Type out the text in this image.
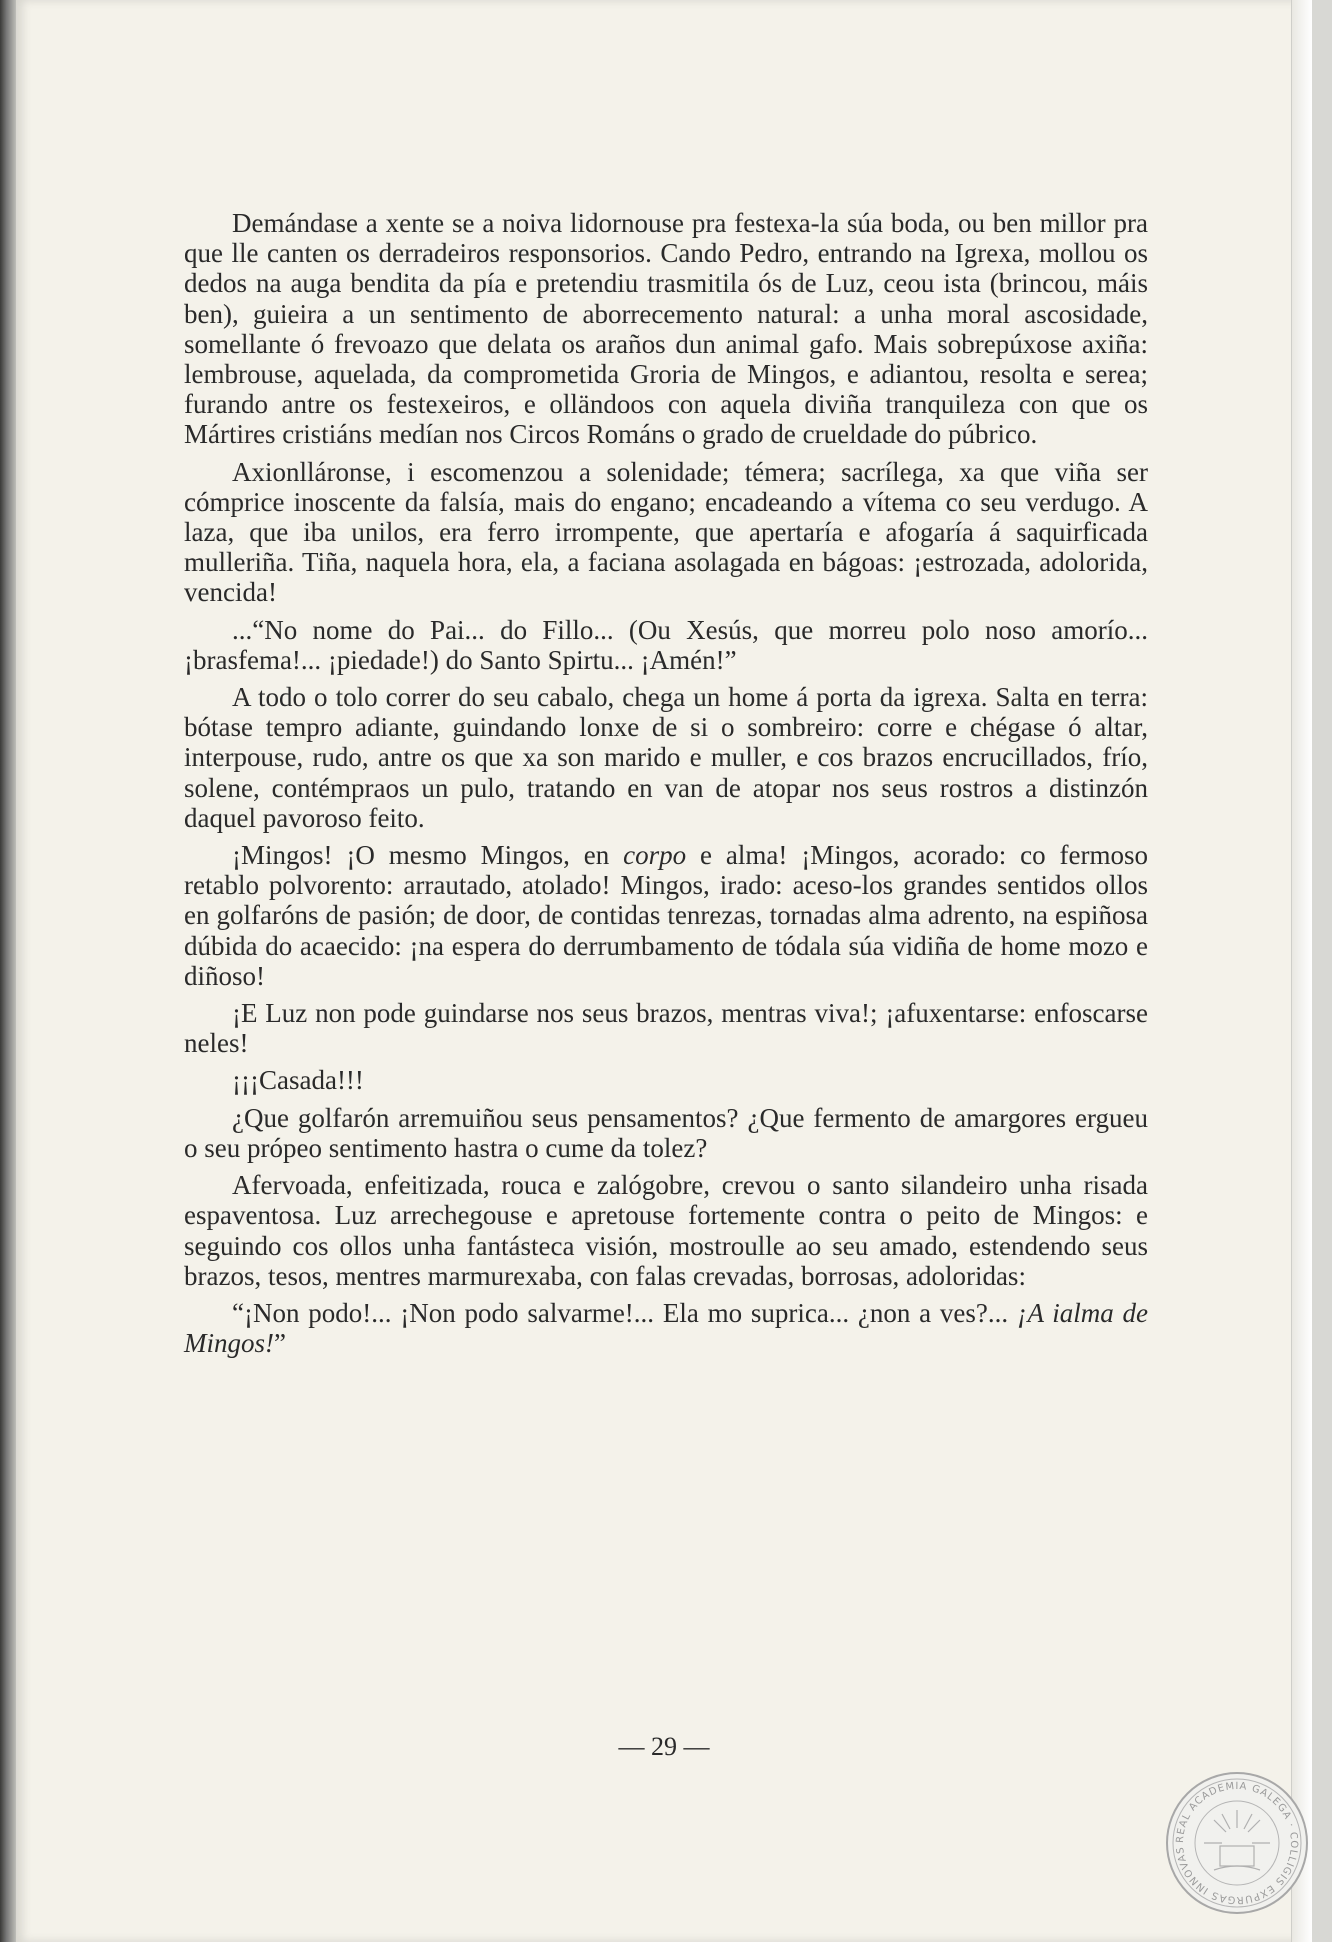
Demándase a xente se a noiva lidornouse pra festexa-la súa boda, ou ben millor pra que lle canten os derradeiros responsorios. Cando Pedro, entrando na Igrexa, mollou os dedos na auga bendita da pía e pretendiu trasmitila ós de Luz, ceou ista (brincou, máis ben), guieira a un sentimento de aborrecemento natural: a unha moral ascosidade, somellante ó frevoazo que delata os araños dun animal gafo. Mais sobrepúxose axiña: lembrouse, aquelada, da comprometida Groria de Mingos, e adiantou, resolta e serea; furando antre os festexeiros, e olländoos con aquela diviña tranquileza con que os Mártires cristiáns medían nos Circos Románs o grado de crueldade do púbrico.

Axionlláronse, i escomenzou a solenidade; témera; sacrílega, xa que viña ser cómprice inoscente da falsía, mais do engano; encadeando a vítema co seu verdugo. A laza, que iba unilos, era ferro irrompente, que apertaría e afogaría á saquirficada mulleriña. Tiña, naquela hora, ela, a faciana asolagada en bágoas: ¡estrozada, adolorida, vencida!

...“No nome do Pai... do Fillo... (Ou Xesús, que morreu polo noso amorío... ¡brasfema!... ¡piedade!) do Santo Spirtu... ¡Amén!”

A todo o tolo correr do seu cabalo, chega un home á porta da igrexa. Salta en terra: bótase tempro adiante, guindando lonxe de si o sombreiro: corre e chégase ó altar, interpouse, rudo, antre os que xa son marido e muller, e cos brazos encrucillados, frío, solene, contémpraos un pulo, tratando en van de atopar nos seus rostros a distinzón daquel pavoroso feito.

¡Mingos! ¡O mesmo Mingos, en corpo e alma! ¡Mingos, acorado: co fermoso retablo polvorento: arrautado, atolado! Mingos, irado: aceso-los grandes sentidos ollos en golfaróns de pasión; de door, de contidas tenrezas, tornadas alma adrento, na espiñosa dúbida do acaecido: ¡na espera do derrumbamento de tódala súa vidiña de home mozo e diñoso!

¡E Luz non pode guindarse nos seus brazos, mentras viva!; ¡afuxentarse: enfoscarse neles!

¡¡¡Casada!!!

¿Que golfarón arremuiñou seus pensamentos? ¿Que fermento de amargores ergueu o seu própeo sentimento hastra o cume da tolez?

Afervoada, enfeitizada, rouca e zalógobre, crevou o santo silandeiro unha risada espaventosa. Luz arrechegouse e apretouse fortemente contra o peito de Mingos: e seguindo cos ollos unha fantásteca visión, mostroulle ao seu amado, estendendo seus brazos, tesos, mentres marmurexaba, con falas crevadas, borrosas, adoloridas:

“¡Non podo!... ¡Non podo salvarme!... Ela mo suprica... ¿non a ves?... ¡A ialma de Mingos!”

— 29 —
REAL ACADEMIA GALEGA · COLLIGIS EXPURGAS INNOVAS
